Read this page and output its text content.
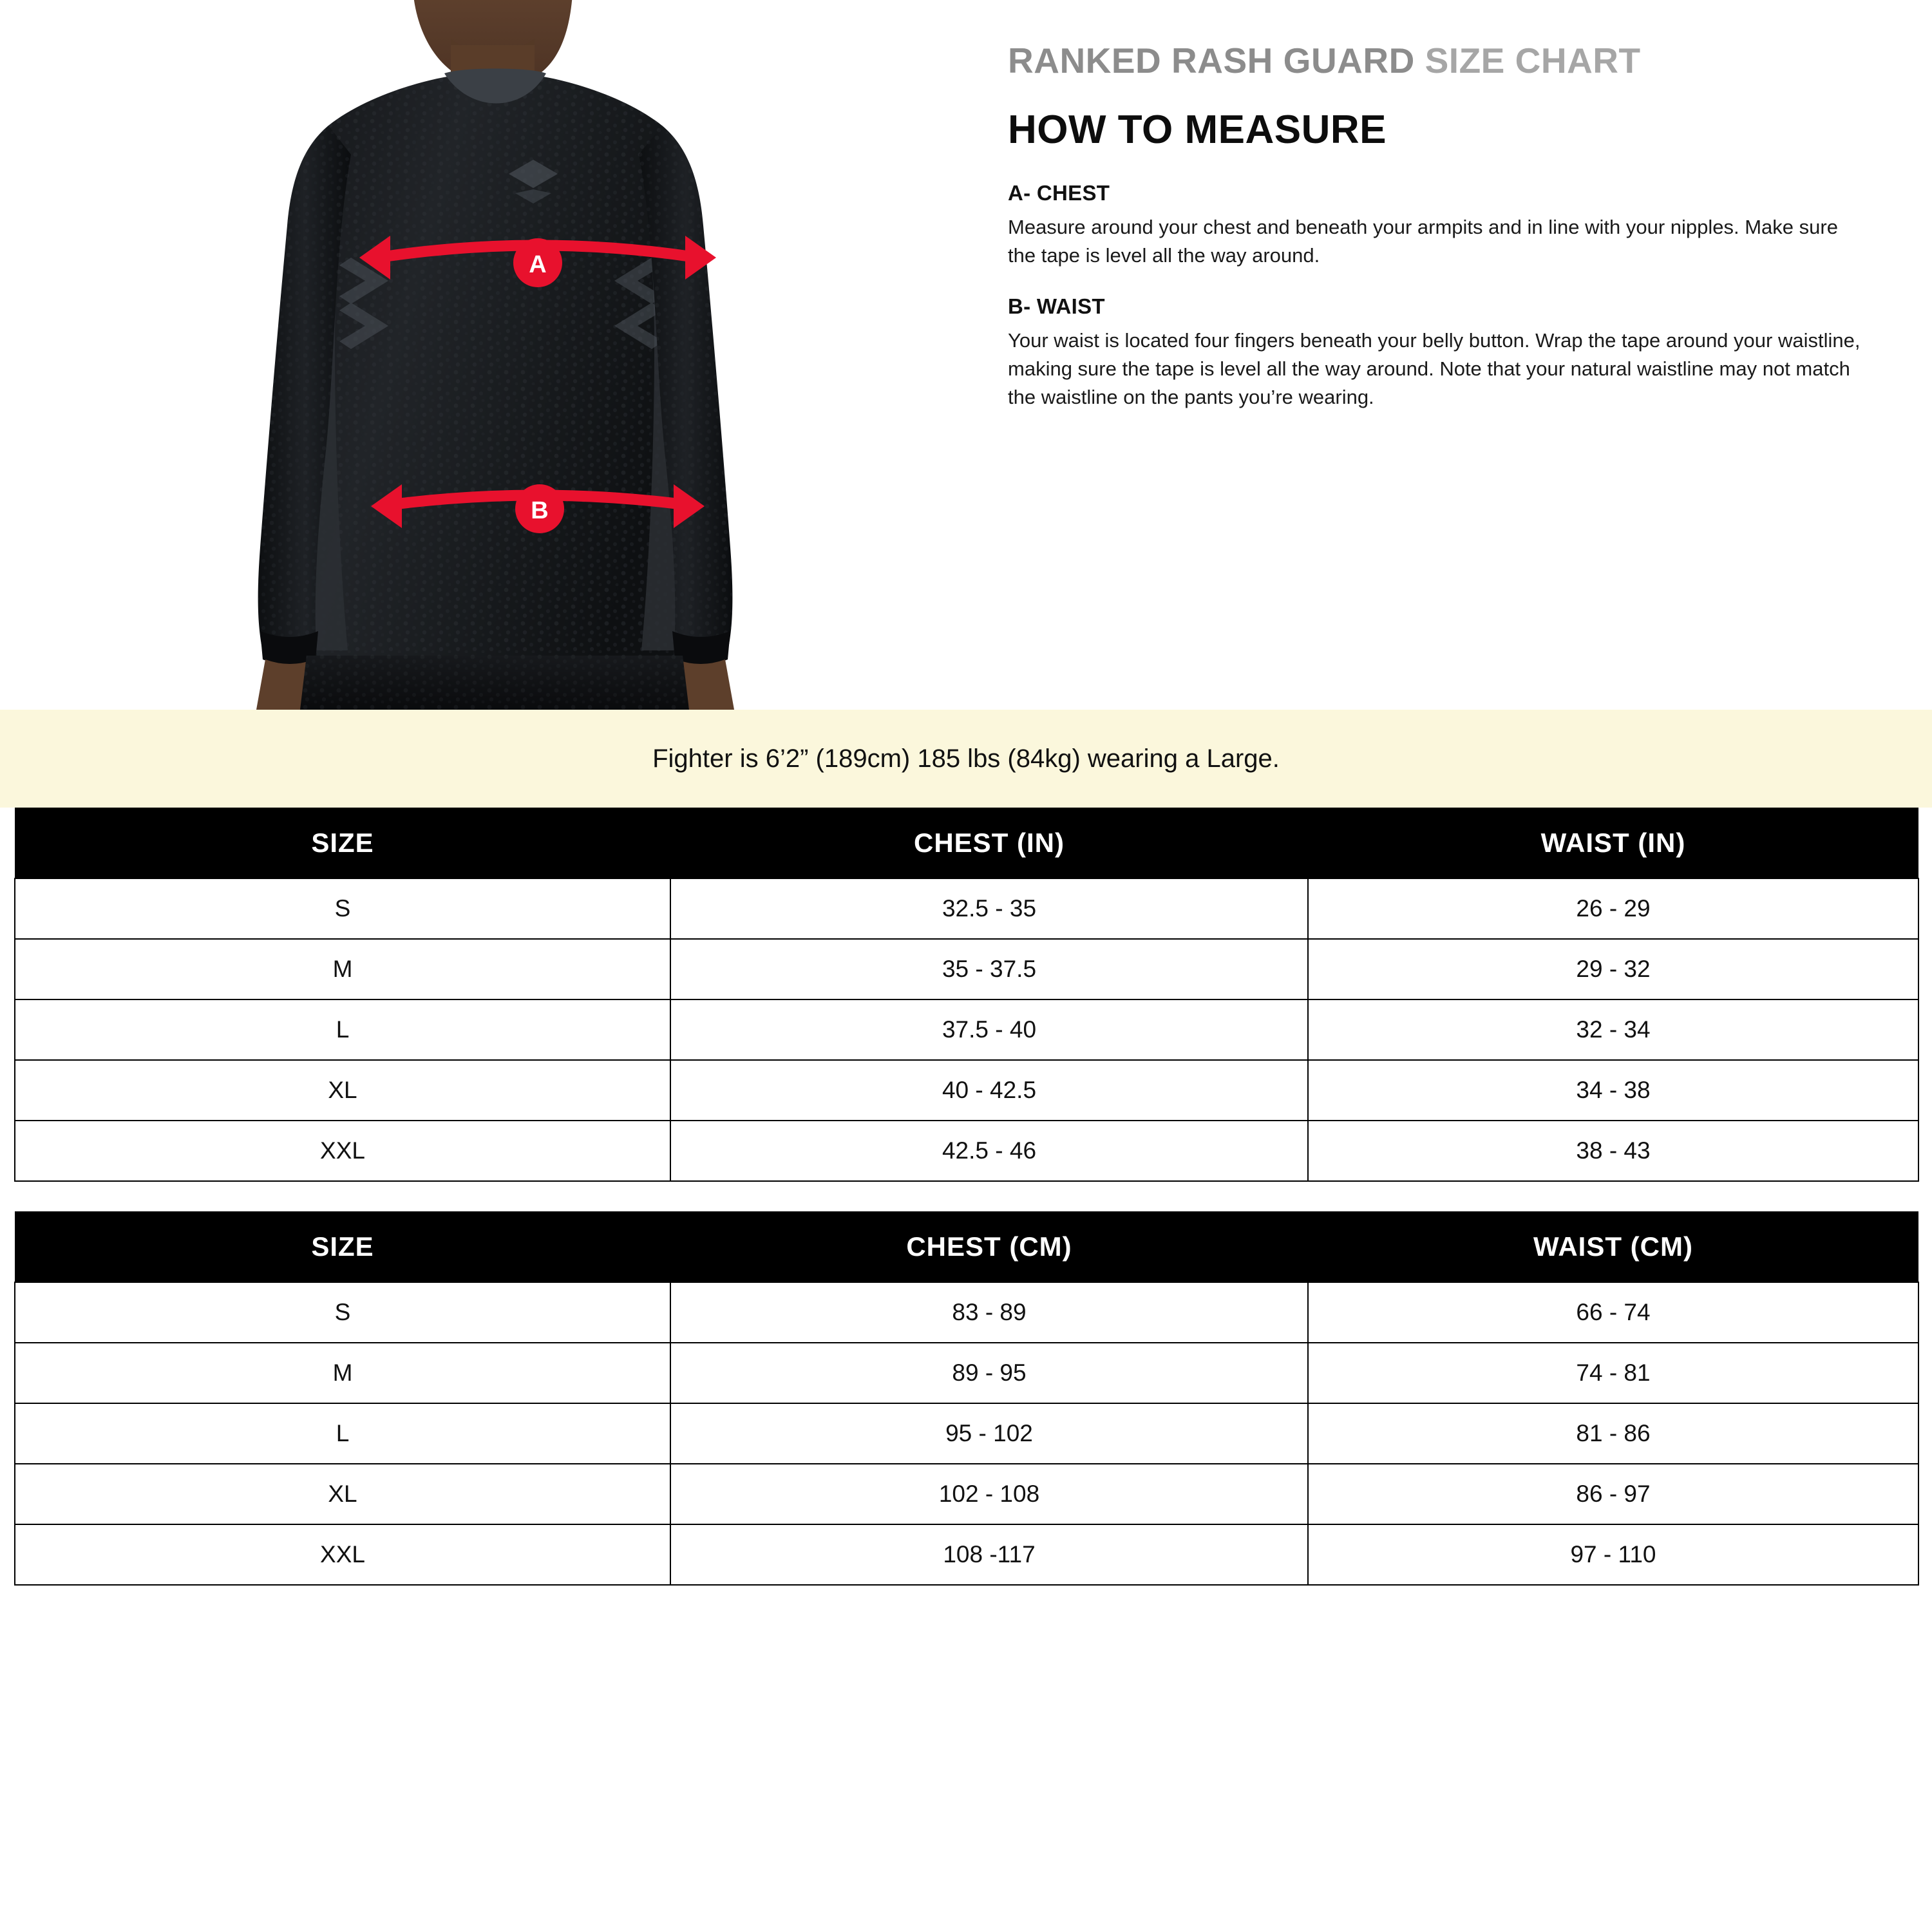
A
B
RANKED RASH GUARD SIZE CHART
HOW TO MEASURE
A- CHEST

Measure around your chest and beneath your armpits and in line with your nipples. Make sure the tape is level all the way around.

B- WAIST

Your waist is located four fingers beneath your belly button. Wrap the tape around your waistline, making sure the tape is level all the way around. Note that your natural waistline may not match the waistline on the pants you’re wearing.

Fighter is 6’2” (189cm) 185 lbs (84kg) wearing a Large.
SIZE	CHEST (IN)	WAIST (IN)
S	32.5 - 35	26 - 29
M	35 - 37.5	29 - 32
L	37.5 - 40	32 - 34
XL	40 - 42.5	34 - 38
XXL	42.5 - 46	38 - 43
SIZE	CHEST (CM)	WAIST (CM)
S	83 - 89	66 - 74
M	89 - 95	74 - 81
L	95 - 102	81 - 86
XL	102 - 108	86 - 97
XXL	108 -117	97 - 110
